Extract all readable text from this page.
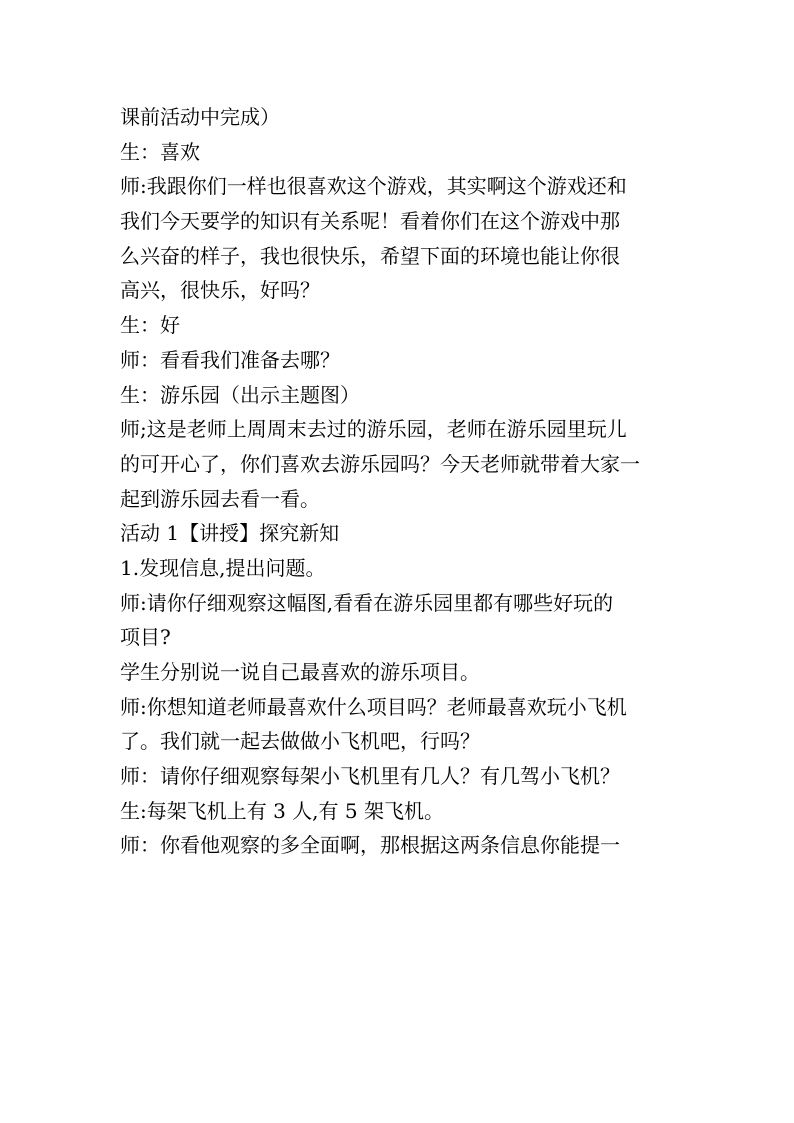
课前活动中完成）
生：喜欢
师:我跟你们一样也很喜欢这个游戏，其实啊这个游戏还和
我们今天要学的知识有关系呢！看着你们在这个游戏中那
么兴奋的样子，我也很快乐，希望下面的环境也能让你很
高兴，很快乐，好吗？
生：好
师：看看我们准备去哪？
生：游乐园（出示主题图）
师;这是老师上周周末去过的游乐园，老师在游乐园里玩儿
的可开心了，你们喜欢去游乐园吗？今天老师就带着大家一
起到游乐园去看一看。
活动 1【讲授】探究新知
1.发现信息,提出问题。
师:请你仔细观察这幅图,看看在游乐园里都有哪些好玩的
项目?
学生分别说一说自己最喜欢的游乐项目。
师:你想知道老师最喜欢什么项目吗？老师最喜欢玩小飞机
了。我们就一起去做做小飞机吧，行吗？
师：请你仔细观察每架小飞机里有几人？有几驾小飞机？
生:每架飞机上有 3 人,有 5 架飞机。
师：你看他观察的多全面啊，那根据这两条信息你能提一
